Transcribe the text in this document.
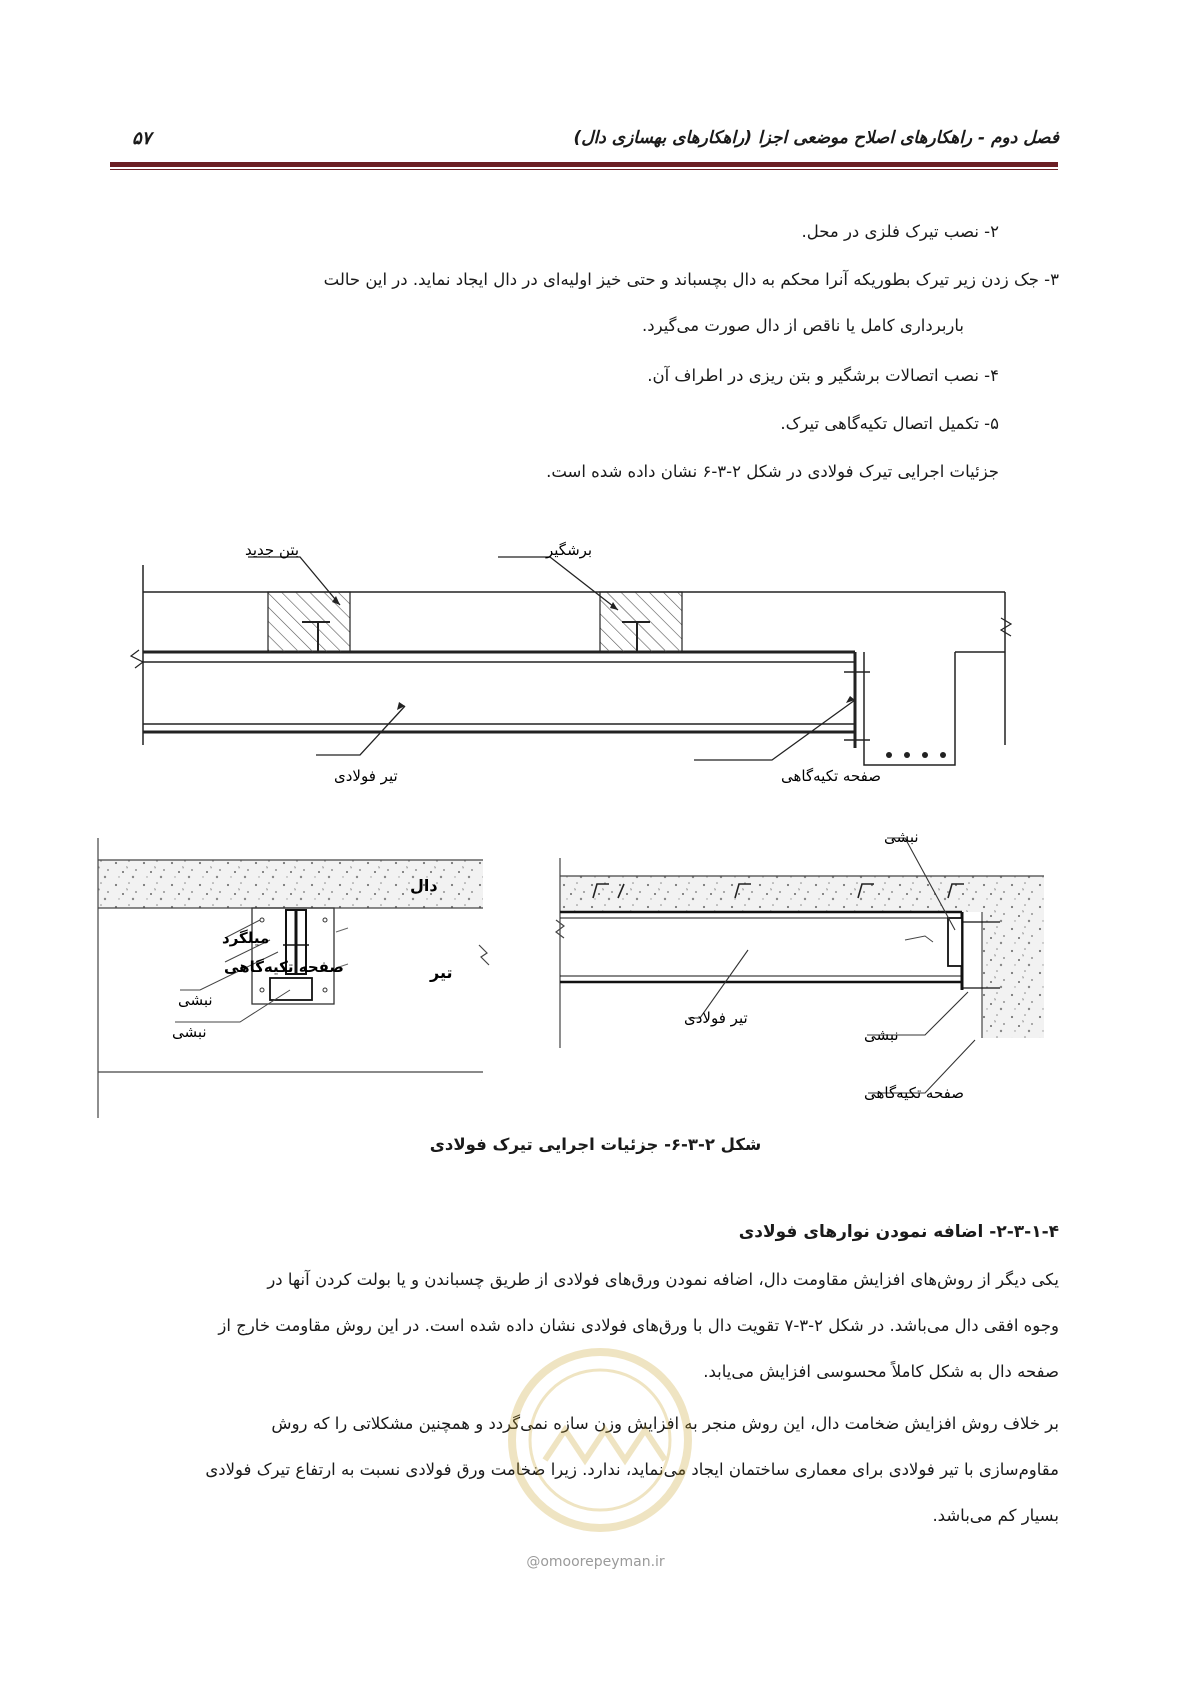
فصل دوم - راهکارهای اصلاح موضعی اجزا (راهکارهای بهسازی دال)
۵۷
۲- نصب تیرک فلزی در محل.
۳- جک زدن زیر تیرک بطوریکه آنرا محکم به دال بچسباند و حتی خیز اولیه‌ای در دال ایجاد نماید. در این حالت
باربرداری کامل یا ناقص از دال صورت می‌گیرد.
۴- نصب اتصالات برشگیر و بتن ریزی در اطراف آن.
۵- تکمیل اتصال تکیه‌گاهی تیرک.
جزئیات اجرایی تیرک فولادی در شکل ۲-۳-۶ نشان داده شده است.
بتن جدید	برشگیر
تیر فولادی	صفحه تکیه‌گاهی
دال
میلگرد
صفحه تکیه‌گاهی
نبشی
نبشی
تیر
نبشی
تیر فولادی
نبشی
صفحه تکیه‌گاهی
شکل ۲-۳-۶- جزئیات اجرایی تیرک فولادی
۲-۳-۱-۴- اضافه نمودن نوارهای فولادی
یکی دیگر از روش‌های افزایش مقاومت دال، اضافه نمودن ورق‌های فولادی از طریق چسباندن و یا بولت کردن آنها در
وجوه افقی دال می‌باشد. در شکل ۲-۳-۷ تقویت دال با ورق‌های فولادی نشان داده شده است. در این روش مقاومت خارج از
صفحه دال به شکل کاملاً محسوسی افزایش می‌یابد.
بر خلاف روش افزایش ضخامت دال، این روش منجر به افزایش وزن سازه نمی‌گردد و همچنین مشکلاتی را که روش
مقاوم‌سازی با تیر فولادی برای معماری ساختمان ایجاد می‌نماید، ندارد. زیرا ضخامت ورق فولادی نسبت به ارتفاع تیرک فولادی
بسیار کم می‌باشد.
@omoorepeyman.ir
